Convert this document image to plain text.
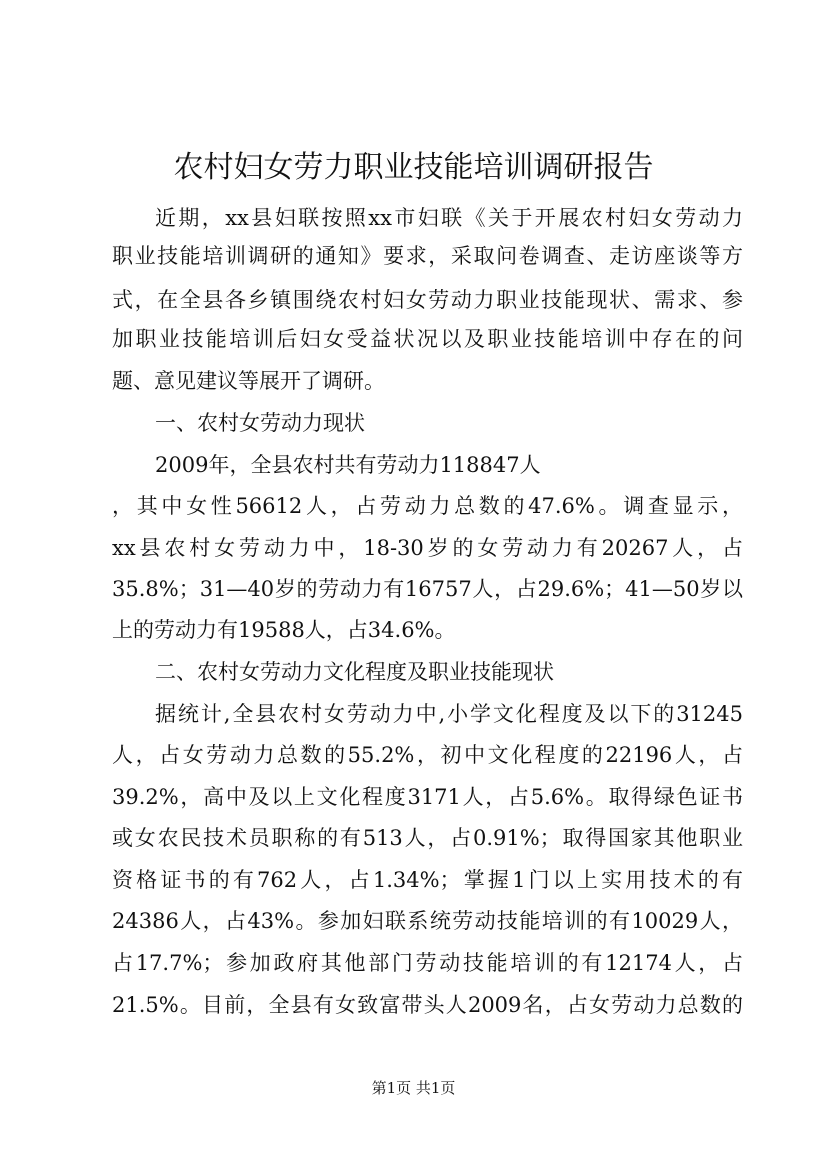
农村妇女劳力职业技能培训调研报告
近期，xx县妇联按照xx市妇联《关于开展农村妇女劳动力
职业技能培训调研的通知》要求，采取问卷调查、走访座谈等方
式，在全县各乡镇围绕农村妇女劳动力职业技能现状、需求、参
加职业技能培训后妇女受益状况以及职业技能培训中存在的问
题、意见建议等展开了调研。
一、农村女劳动力现状
2009年，全县农村共有劳动力118847人
，其中女性56612人，占劳动力总数的47.6%。调查显示，
xx县农村女劳动力中，18-30岁的女劳动力有20267人，占
35.8%；31—40岁的劳动力有16757人，占29.6%；41—50岁以
上的劳动力有19588人，占34.6%。
二、农村女劳动力文化程度及职业技能现状
据统计,全县农村女劳动力中,小学文化程度及以下的31245
人，占女劳动力总数的55.2%，初中文化程度的22196人，占
39.2%，高中及以上文化程度3171人，占5.6%。取得绿色证书
或女农民技术员职称的有513人，占0.91%；取得国家其他职业
资格证书的有762人，占1.34%；掌握1门以上实用技术的有
24386人，占43%。参加妇联系统劳动技能培训的有10029人，
占17.7%；参加政府其他部门劳动技能培训的有12174人，占
21.5%。目前，全县有女致富带头人2009名，占女劳动力总数的
第1页 共1页
